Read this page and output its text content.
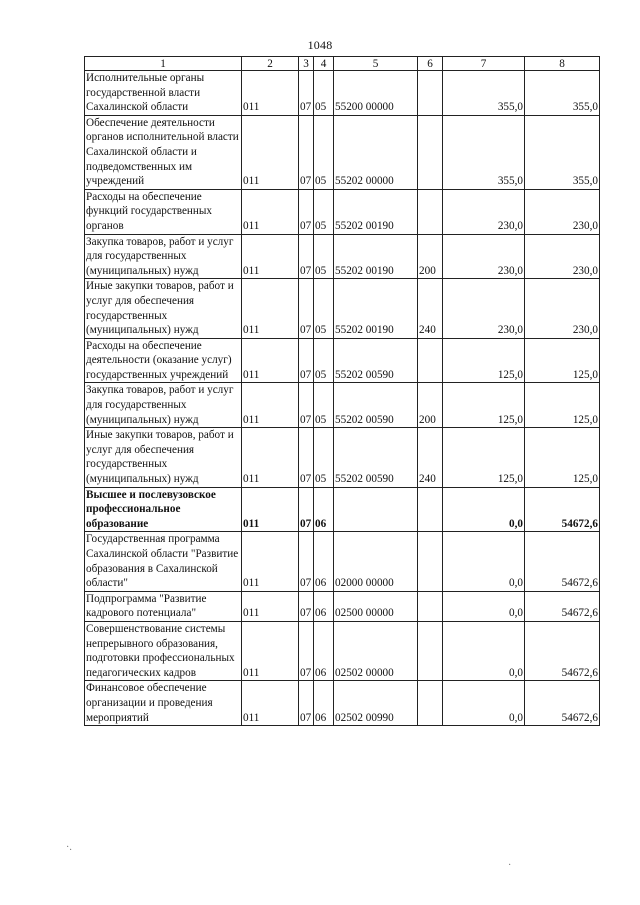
1048
1	2	3	4	5	6	7	8
Исполнительные органы государственной власти Сахалинской области	011	07	05	55200 00000		355,0	355,0
Обеспечение деятельности органов исполнительной власти Сахалинской области и подведомственных им учреждений	011	07	05	55202 00000		355,0	355,0
Расходы на обеспечение функций государственных органов	011	07	05	55202 00190		230,0	230,0
Закупка товаров, работ и услуг для государственных (муниципальных) нужд	011	07	05	55202 00190	200	230,0	230,0
Иные закупки товаров, работ и услуг для обеспечения государственных (муниципальных) нужд	011	07	05	55202 00190	240	230,0	230,0
Расходы на обеспечение деятельности (оказание услуг) государственных учреждений	011	07	05	55202 00590		125,0	125,0
Закупка товаров, работ и услуг для государственных (муниципальных) нужд	011	07	05	55202 00590	200	125,0	125,0
Иные закупки товаров, работ и услуг для обеспечения государственных (муниципальных) нужд	011	07	05	55202 00590	240	125,0	125,0
Высшее и послевузовское профессиональное образование	011	07	06			0,0	54672,6
Государственная программа Сахалинской области "Развитие образования в Сахалинской области"	011	07	06	02000 00000		0,0	54672,6
Подпрограмма "Развитие кадрового потенциала"	011	07	06	02500 00000		0,0	54672,6
Совершенствование системы непрерывного образования, подготовки профессиональных педагогических кадров	011	07	06	02502 00000		0,0	54672,6
Финансовое обеспечение организации и проведения мероприятий	011	07	06	02502 00990		0,0	54672,6
·.
·
